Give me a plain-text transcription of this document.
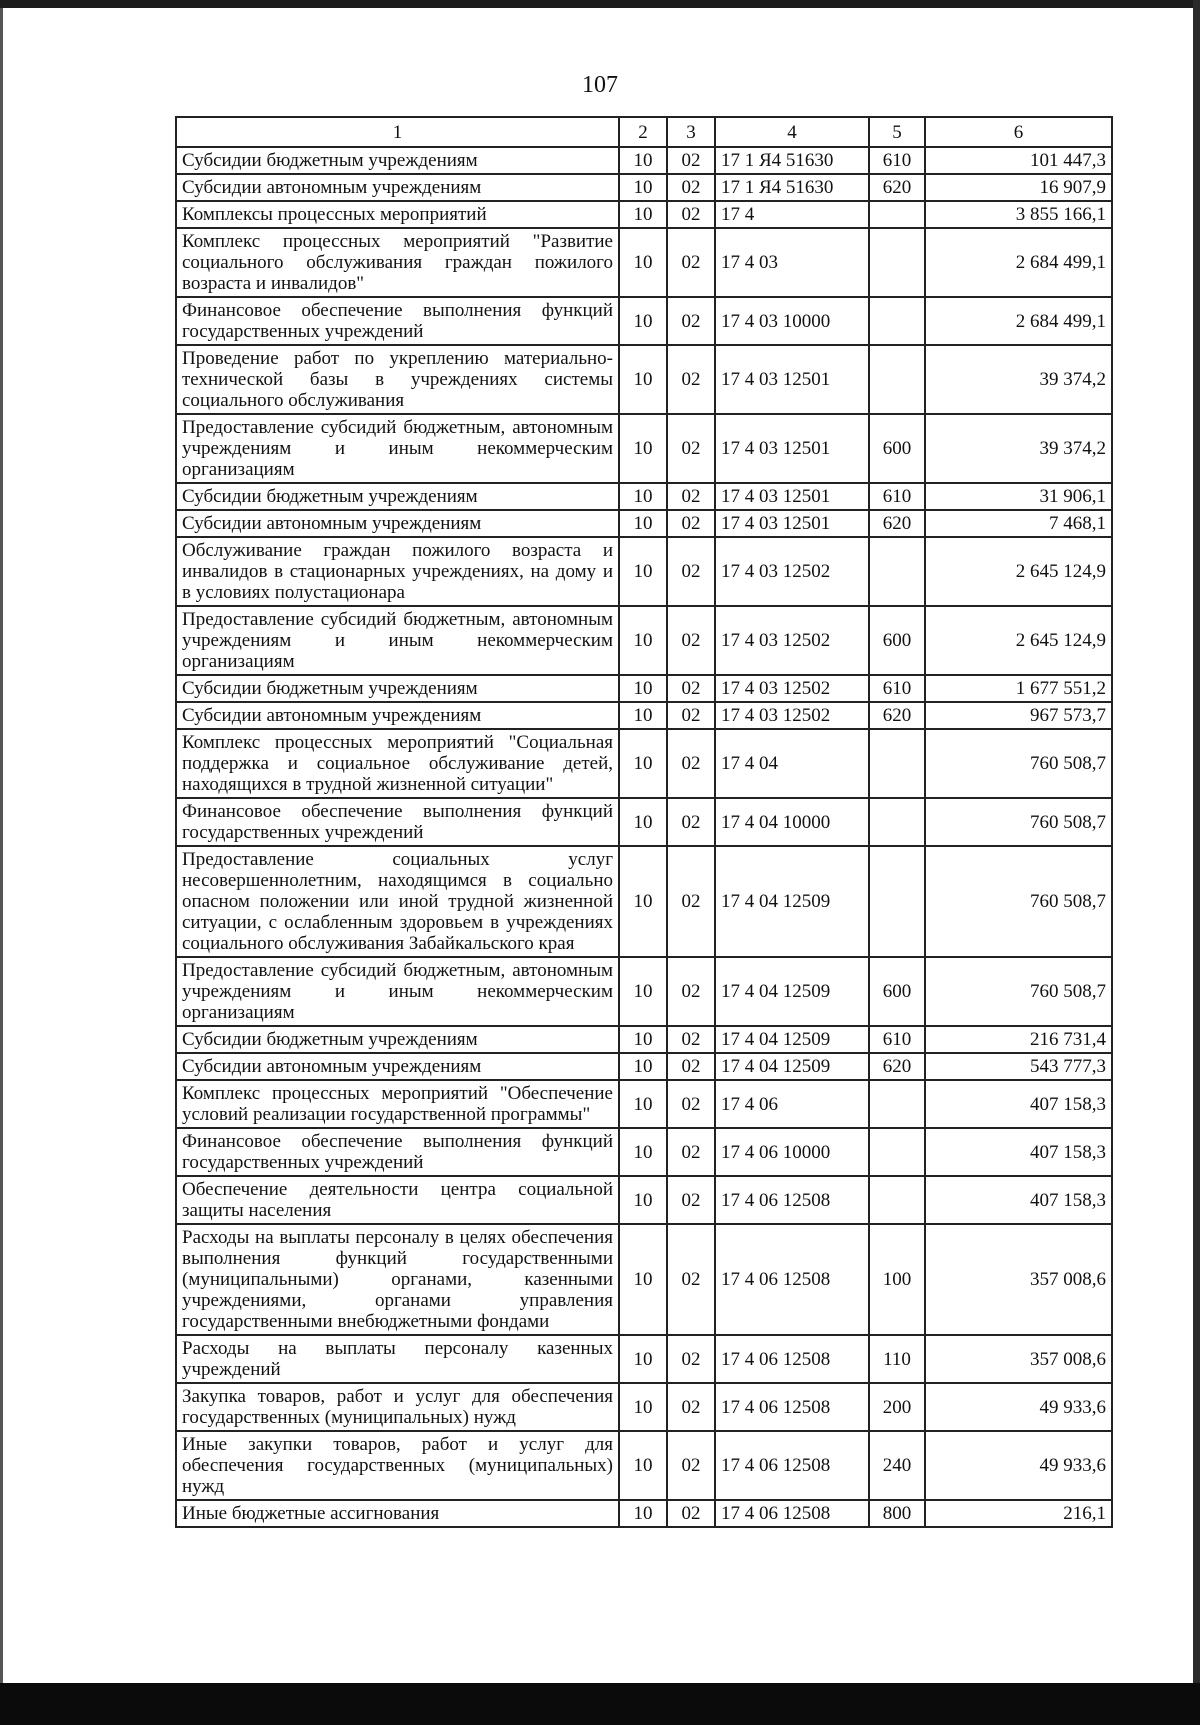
107
1	2	3	4	5	6
Субсидии бюджетным учреждениям	10	02	17 1 Я4 51630	610	101 447,3
Субсидии автономным учреждениям	10	02	17 1 Я4 51630	620	16 907,9
Комплексы процессных мероприятий	10	02	17 4		3 855 166,1
Комплекс процессных мероприятий "Развитие социального обслуживания граждан пожилого возраста и инвалидов"	10	02	17 4 03		2 684 499,1
Финансовое обеспечение выполнения функций государственных учреждений	10	02	17 4 03 10000		2 684 499,1
Проведение работ по укреплению материально-технической базы в учреждениях системы социального обслуживания	10	02	17 4 03 12501		39 374,2
Предоставление субсидий бюджетным, автономным учреждениям и иным некоммерческим организациям	10	02	17 4 03 12501	600	39 374,2
Субсидии бюджетным учреждениям	10	02	17 4 03 12501	610	31 906,1
Субсидии автономным учреждениям	10	02	17 4 03 12501	620	7 468,1
Обслуживание граждан пожилого возраста и инвалидов в стационарных учреждениях, на дому и в условиях полустационара	10	02	17 4 03 12502		2 645 124,9
Предоставление субсидий бюджетным, автономным учреждениям и иным некоммерческим организациям	10	02	17 4 03 12502	600	2 645 124,9
Субсидии бюджетным учреждениям	10	02	17 4 03 12502	610	1 677 551,2
Субсидии автономным учреждениям	10	02	17 4 03 12502	620	967 573,7
Комплекс процессных мероприятий "Социальная поддержка и социальное обслуживание детей, находящихся в трудной жизненной ситуации"	10	02	17 4 04		760 508,7
Финансовое обеспечение выполнения функций государственных учреждений	10	02	17 4 04 10000		760 508,7
Предоставление социальных услуг несовершеннолетним, находящимся в социально опасном положении или иной трудной жизненной ситуации, с ослабленным здоровьем в учреждениях социального обслуживания Забайкальского края	10	02	17 4 04 12509		760 508,7
Предоставление субсидий бюджетным, автономным учреждениям и иным некоммерческим организациям	10	02	17 4 04 12509	600	760 508,7
Субсидии бюджетным учреждениям	10	02	17 4 04 12509	610	216 731,4
Субсидии автономным учреждениям	10	02	17 4 04 12509	620	543 777,3
Комплекс процессных мероприятий "Обеспечение условий реализации государственной программы"	10	02	17 4 06		407 158,3
Финансовое обеспечение выполнения функций государственных учреждений	10	02	17 4 06 10000		407 158,3
Обеспечение деятельности центра социальной защиты населения	10	02	17 4 06 12508		407 158,3
Расходы на выплаты персоналу в целях обеспечения выполнения функций государственными (муниципальными) органами, казенными учреждениями, органами управления государственными внебюджетными фондами	10	02	17 4 06 12508	100	357 008,6
Расходы на выплаты персоналу казенных учреждений	10	02	17 4 06 12508	110	357 008,6
Закупка товаров, работ и услуг для обеспечения государственных (муниципальных) нужд	10	02	17 4 06 12508	200	49 933,6
Иные закупки товаров, работ и услуг для обеспечения государственных (муниципальных) нужд	10	02	17 4 06 12508	240	49 933,6
Иные бюджетные ассигнования	10	02	17 4 06 12508	800	216,1
